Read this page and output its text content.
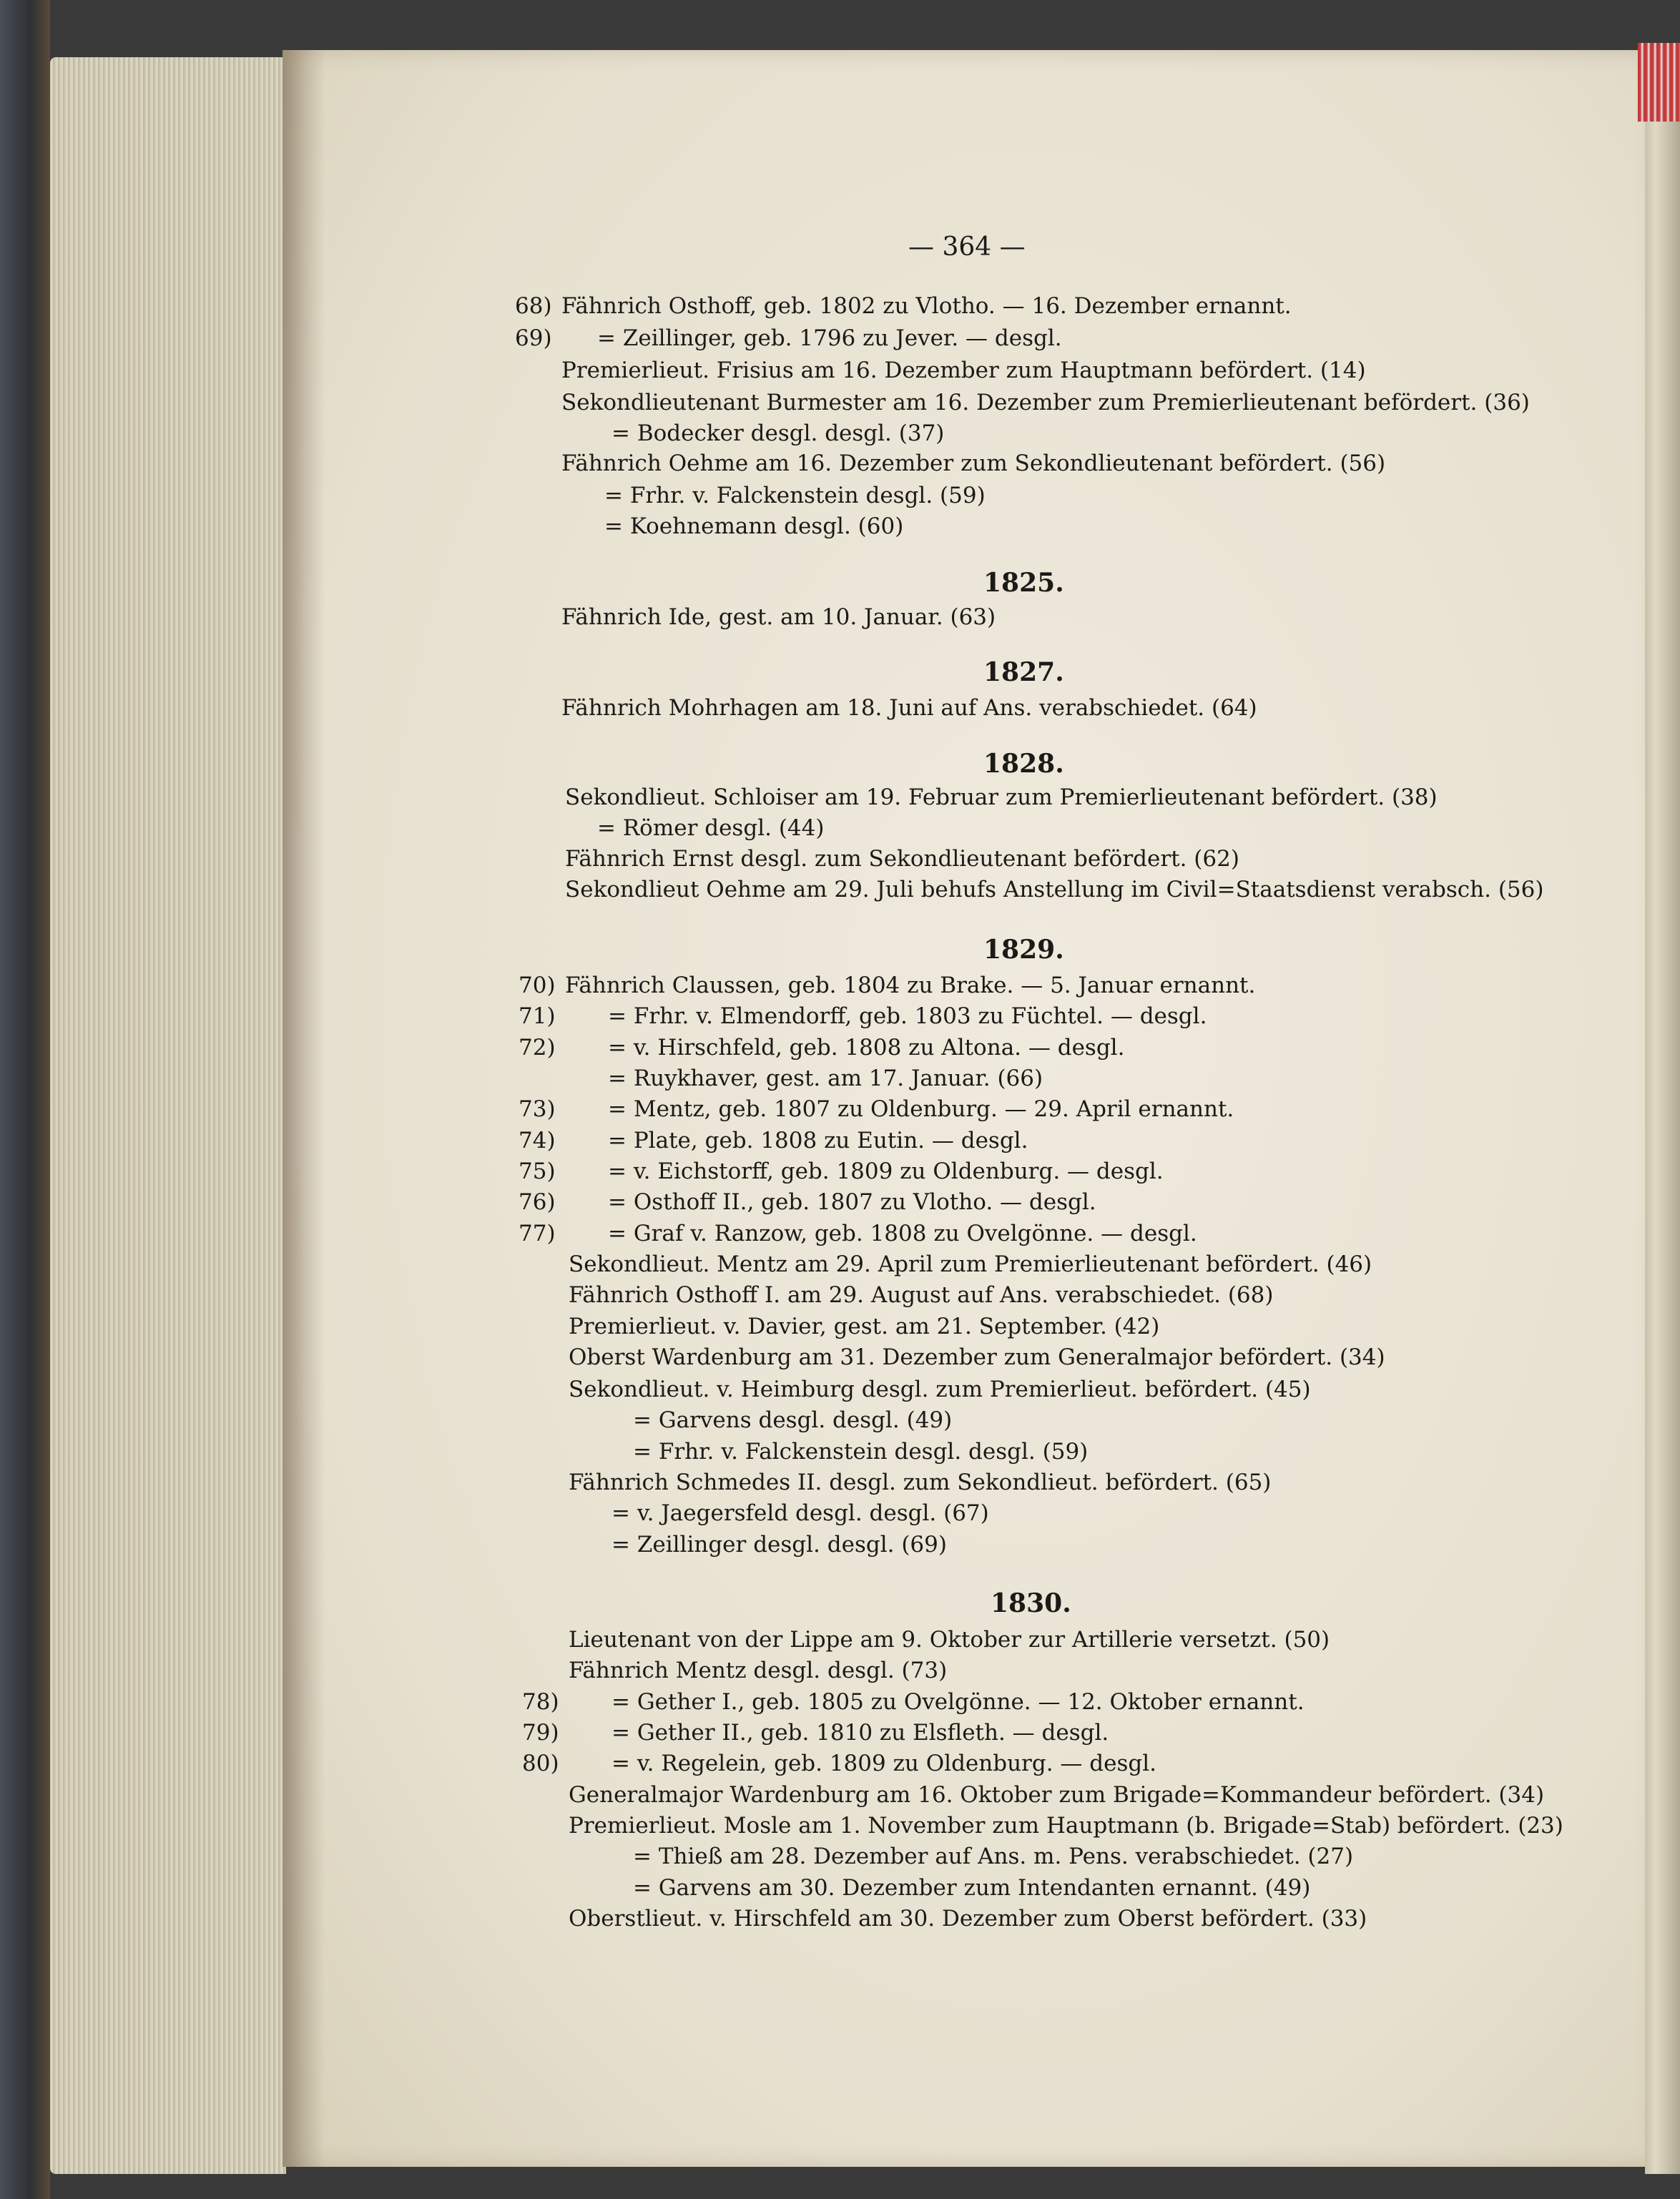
— 364 —
68) Fähnrich Osthoff, geb. 1802 zu Vlotho. — 16. Dezember ernannt.
69) = Zeillinger, geb. 1796 zu Jever. — desgl.
Premierlieut. Frisius am 16. Dezember zum Hauptmann befördert. (14)
Sekondlieutenant Burmester am 16. Dezember zum Premierlieutenant befördert. (36)
= Bodecker desgl. desgl. (37)
Fähnrich Oehme am 16. Dezember zum Sekondlieutenant befördert. (56)
= Frhr. v. Falckenstein desgl. (59)
= Koehnemann desgl. (60)
1825.
Fähnrich Ide, gest. am 10. Januar. (63)
1827.
Fähnrich Mohrhagen am 18. Juni auf Ans. verabschiedet. (64)
1828.
Sekondlieut. Schloiser am 19. Februar zum Premierlieutenant befördert. (38)
= Römer desgl. (44)
Fähnrich Ernst desgl. zum Sekondlieutenant befördert. (62)
Sekondlieut Oehme am 29. Juli behufs Anstellung im Civil=Staatsdienst verabsch. (56)
1829.
70) Fähnrich Claussen, geb. 1804 zu Brake. — 5. Januar ernannt.
71) = Frhr. v. Elmendorff, geb. 1803 zu Füchtel. — desgl.
72) = v. Hirschfeld, geb. 1808 zu Altona. — desgl.
= Ruykhaver, gest. am 17. Januar. (66)
73) = Mentz, geb. 1807 zu Oldenburg. — 29. April ernannt.
74) = Plate, geb. 1808 zu Eutin. — desgl.
75) = v. Eichstorff, geb. 1809 zu Oldenburg. — desgl.
76) = Osthoff II., geb. 1807 zu Vlotho. — desgl.
77) = Graf v. Ranzow, geb. 1808 zu Ovelgönne. — desgl.
Sekondlieut. Mentz am 29. April zum Premierlieutenant befördert. (46)
Fähnrich Osthoff I. am 29. August auf Ans. verabschiedet. (68)
Premierlieut. v. Davier, gest. am 21. September. (42)
Oberst Wardenburg am 31. Dezember zum Generalmajor befördert. (34)
Sekondlieut. v. Heimburg desgl. zum Premierlieut. befördert. (45)
= Garvens desgl. desgl. (49)
= Frhr. v. Falckenstein desgl. desgl. (59)
Fähnrich Schmedes II. desgl. zum Sekondlieut. befördert. (65)
= v. Jaegersfeld desgl. desgl. (67)
= Zeillinger desgl. desgl. (69)
1830.
Lieutenant von der Lippe am 9. Oktober zur Artillerie versetzt. (50)
Fähnrich Mentz desgl. desgl. (73)
78) = Gether I., geb. 1805 zu Ovelgönne. — 12. Oktober ernannt.
79) = Gether II., geb. 1810 zu Elsfleth. — desgl.
80) = v. Regelein, geb. 1809 zu Oldenburg. — desgl.
Generalmajor Wardenburg am 16. Oktober zum Brigade=Kommandeur befördert. (34)
Premierlieut. Mosle am 1. November zum Hauptmann (b. Brigade=Stab) befördert. (23)
= Thieß am 28. Dezember auf Ans. m. Pens. verabschiedet. (27)
= Garvens am 30. Dezember zum Intendanten ernannt. (49)
Oberstlieut. v. Hirschfeld am 30. Dezember zum Oberst befördert. (33)
